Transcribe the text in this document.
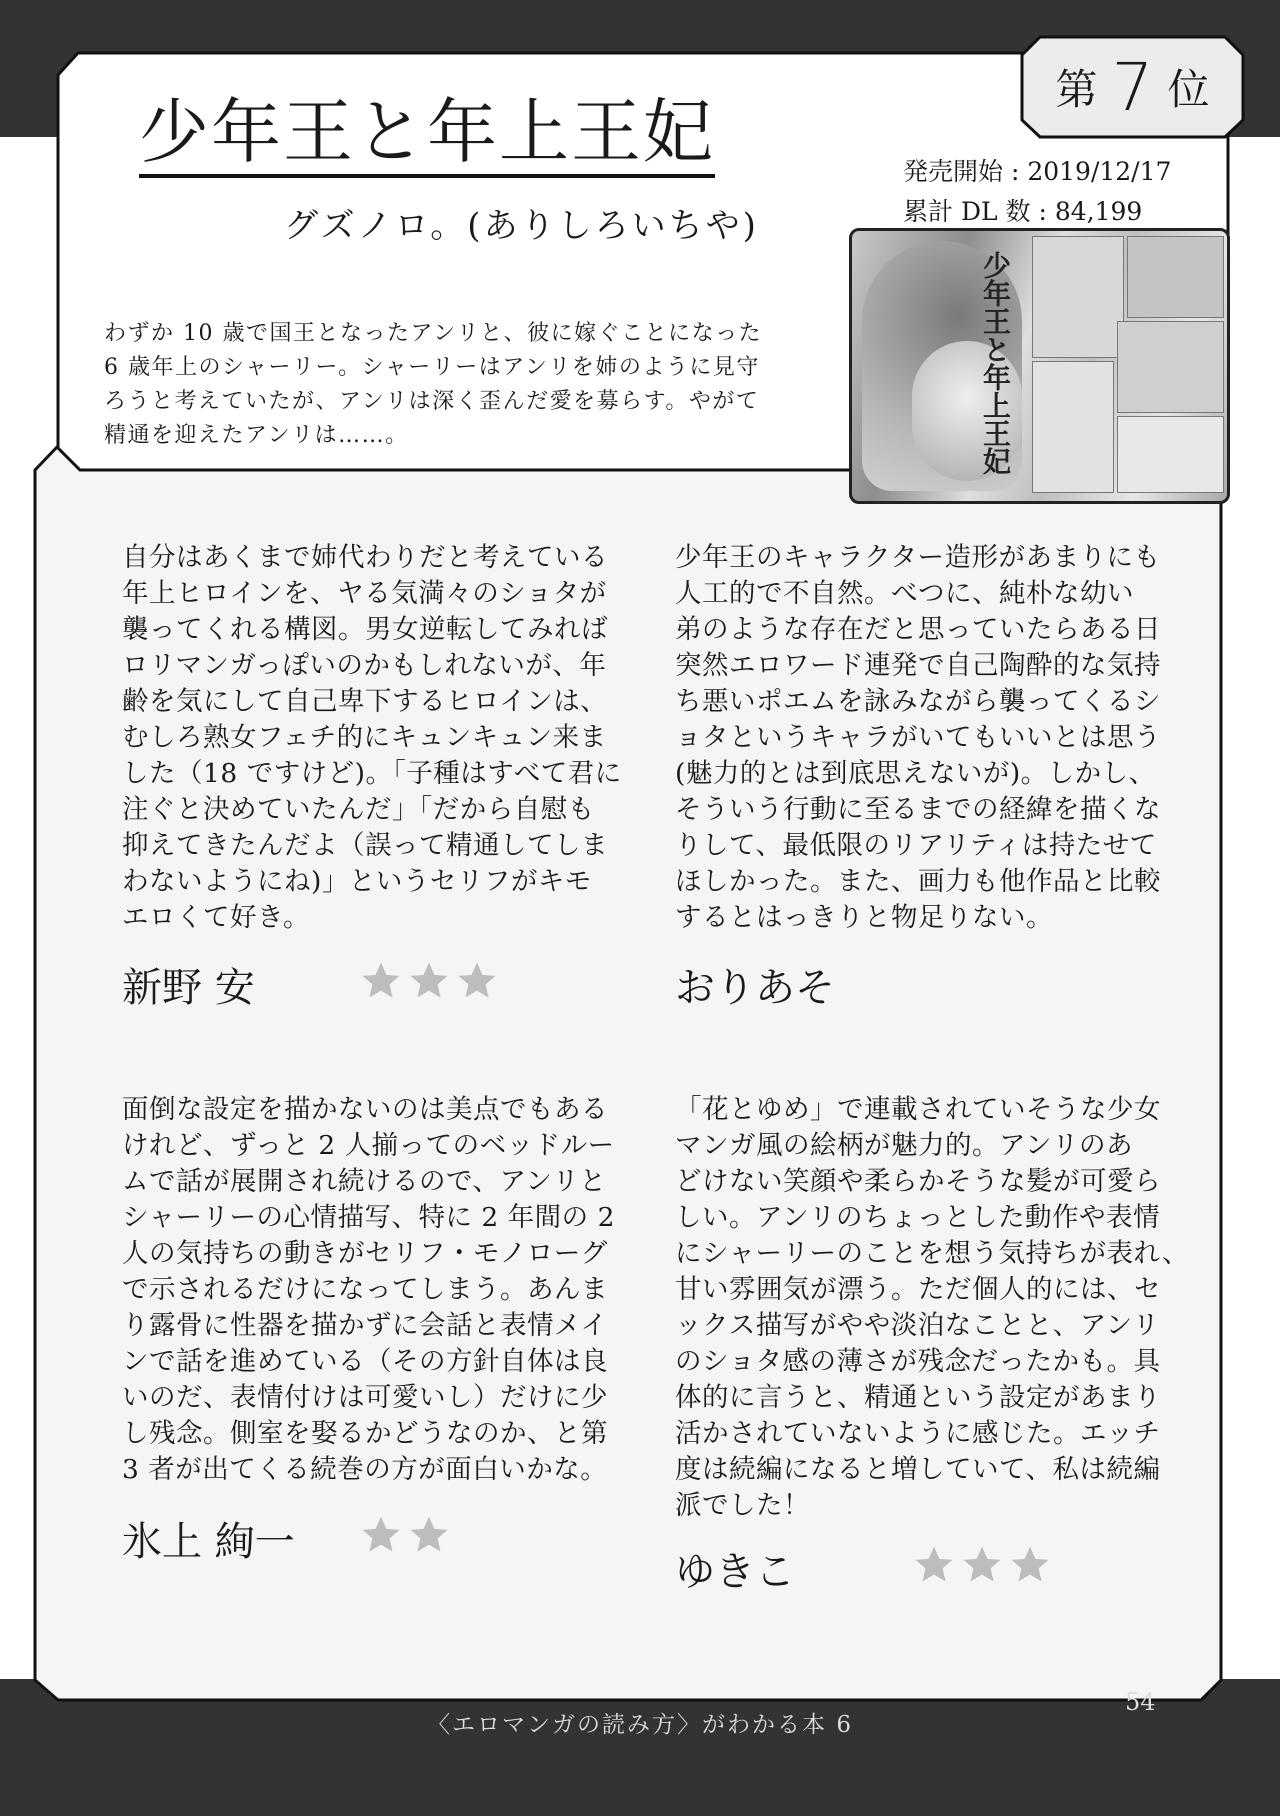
第 7 位
少年王と年上王妃
グズノロ。(ありしろいちや)
発売開始 : 2019/12/17
累計 DL 数 : 84,199
少年王と年上王妃
わずか 10 歳で国王となったアンリと、彼に嫁ぐことになった
6 歳年上のシャーリー。シャーリーはアンリを姉のように見守
ろうと考えていたが、アンリは深く歪んだ愛を募らす。やがて
精通を迎えたアンリは……。
自分はあくまで姉代わりだと考えている
年上ヒロインを、ヤる気満々のショタが
襲ってくれる構図。男女逆転してみれば
ロリマンガっぽいのかもしれないが、年
齢を気にして自己卑下するヒロインは、
むしろ熟女フェチ的にキュンキュン来ま
した（18 ですけど)。「子種はすべて君に
注ぐと決めていたんだ」「だから自慰も
抑えてきたんだよ（誤って精通してしま
わないようにね)」というセリフがキモ
エロくて好き。
新野 安
少年王のキャラクター造形があまりにも
人工的で不自然。べつに、純朴な幼い
弟のような存在だと思っていたらある日
突然エロワード連発で自己陶酔的な気持
ち悪いポエムを詠みながら襲ってくるシ
ョタというキャラがいてもいいとは思う
(魅力的とは到底思えないが)。しかし、
そういう行動に至るまでの経緯を描くな
りして、最低限のリアリティは持たせて
ほしかった。また、画力も他作品と比較
するとはっきりと物足りない。
おりあそ
面倒な設定を描かないのは美点でもある
けれど、ずっと 2 人揃ってのベッドルー
ムで話が展開され続けるので、アンリと
シャーリーの心情描写、特に 2 年間の 2
人の気持ちの動きがセリフ・モノローグ
で示されるだけになってしまう。あんま
り露骨に性器を描かずに会話と表情メイ
ンで話を進めている（その方針自体は良
いのだ、表情付けは可愛いし）だけに少
し残念。側室を娶るかどうなのか、と第
3 者が出てくる続巻の方が面白いかな。
氷上 絢一
「花とゆめ」で連載されていそうな少女
マンガ風の絵柄が魅力的。アンリのあ
どけない笑顔や柔らかそうな髪が可愛ら
しい。アンリのちょっとした動作や表情
にシャーリーのことを想う気持ちが表れ、
甘い雰囲気が漂う。ただ個人的には、セ
ックス描写がやや淡泊なことと、アンリ
のショタ感の薄さが残念だったかも。具
体的に言うと、精通という設定があまり
活かされていないように感じた。エッチ
度は続編になると増していて、私は続編
派でした！
ゆきこ
〈エロマンガの読み方〉がわかる本 6
54
